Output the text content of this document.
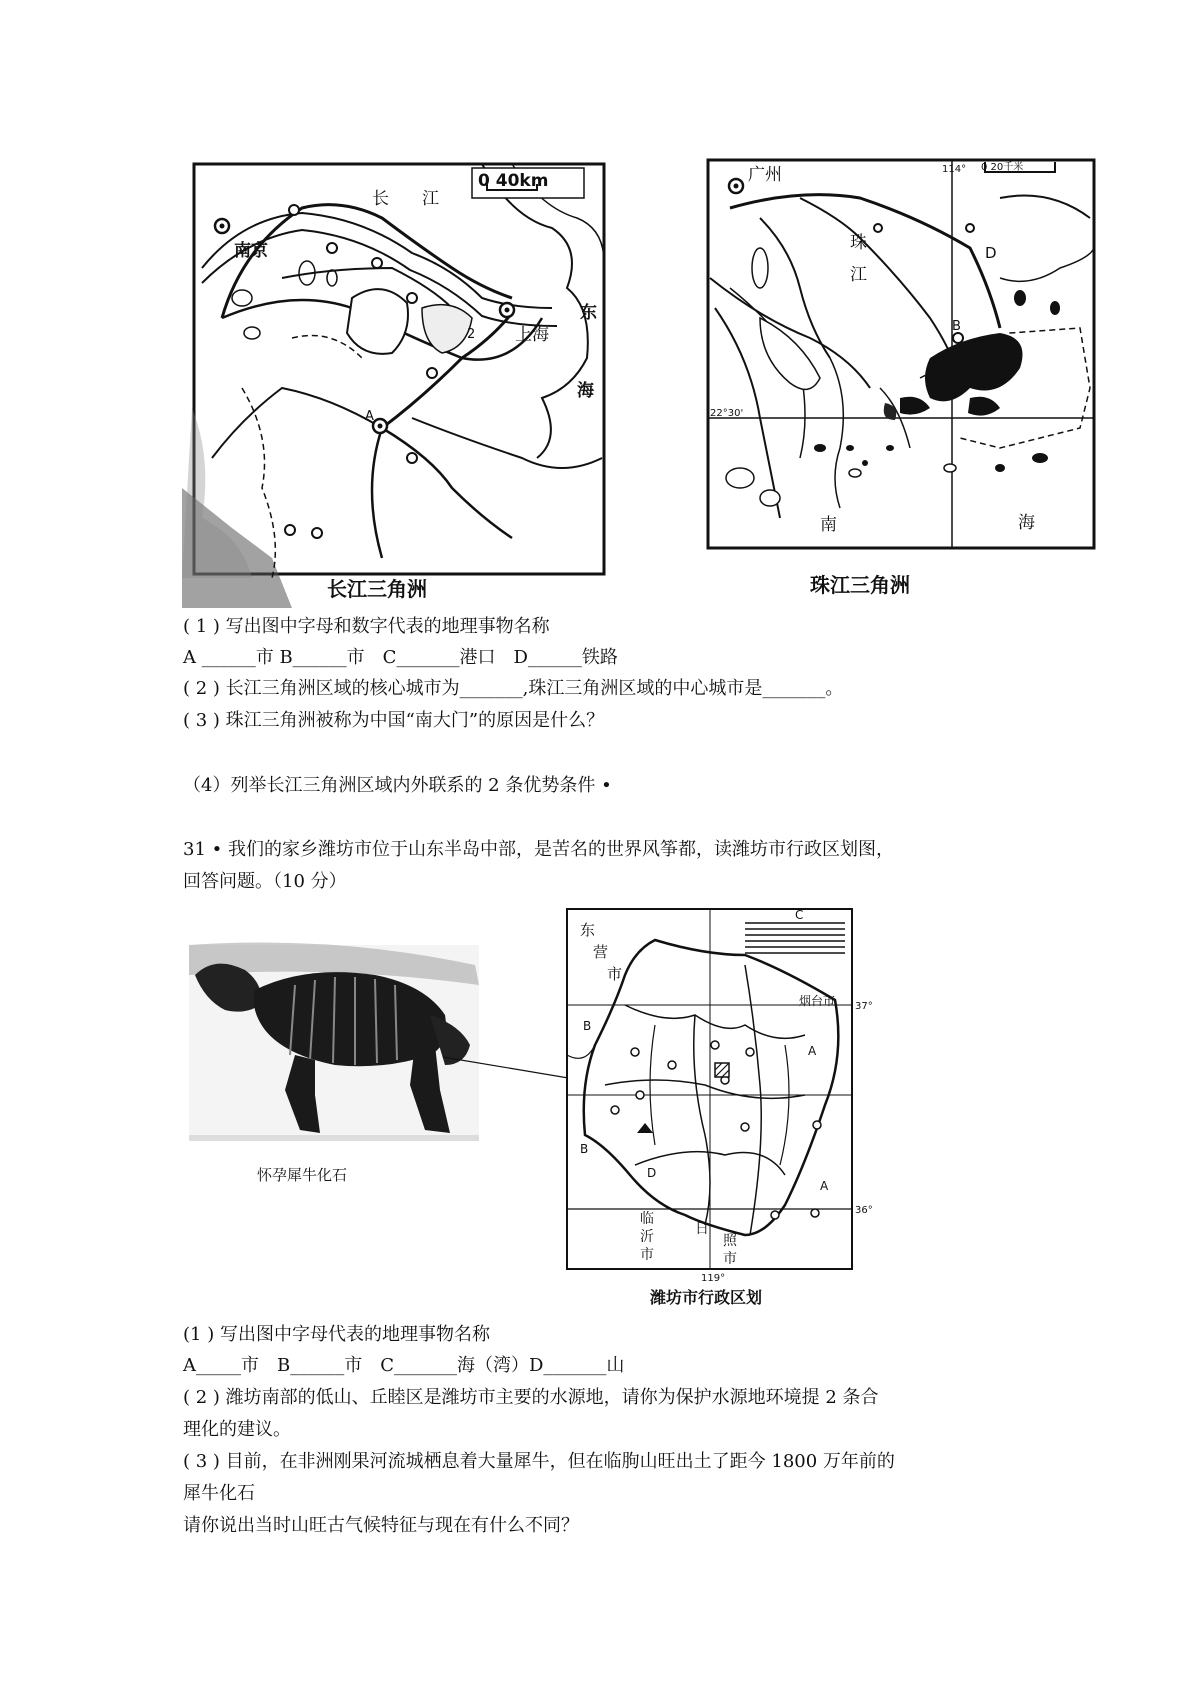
0 40km
长 江
南京
上海
东
海
A
2
长江三角洲
0 20千米
广州
珠
江
D
B
114°
22°30'
南	海
珠江三角洲
( 1 ) 写出图中字母和数字代表的地理事物名称
A ______市 B______市　C_______港口　D______铁路
( 2 ) 长江三角洲区域的核心城市为_______,珠江三角洲区域的中心城市是_______。
( 3 ) 珠江三角洲被称为中国“南大门”的原因是什么？
（4）列举长江三角洲区域内外联系的 2 条优势条件 •
31 • 我们的家乡潍坊市位于山东半岛中部，是苦名的世界风筝都，读潍坊市行政区划图，
回答问题。（10 分）
怀孕犀牛化石
东
营
市
C
烟台市 37°
B
B
A
A
D
36°
临
沂
市
日
照
市
119°
潍坊市行政区划
(1 ) 写出图中字母代表的地理事物名称
A_____市　B______市　C_______海（湾）D_______山
( 2 ) 潍坊南部的低山、丘睦区是潍坊市主要的水源地，请你为保护水源地环境提 2 条合
理化的建议。
( 3 ) 目前，在非洲刚果河流城栖息着大量犀牛，但在临朐山旺出土了距今 1800 万年前的
犀牛化石
请你说出当时山旺古气候特征与现在有什么不同？
